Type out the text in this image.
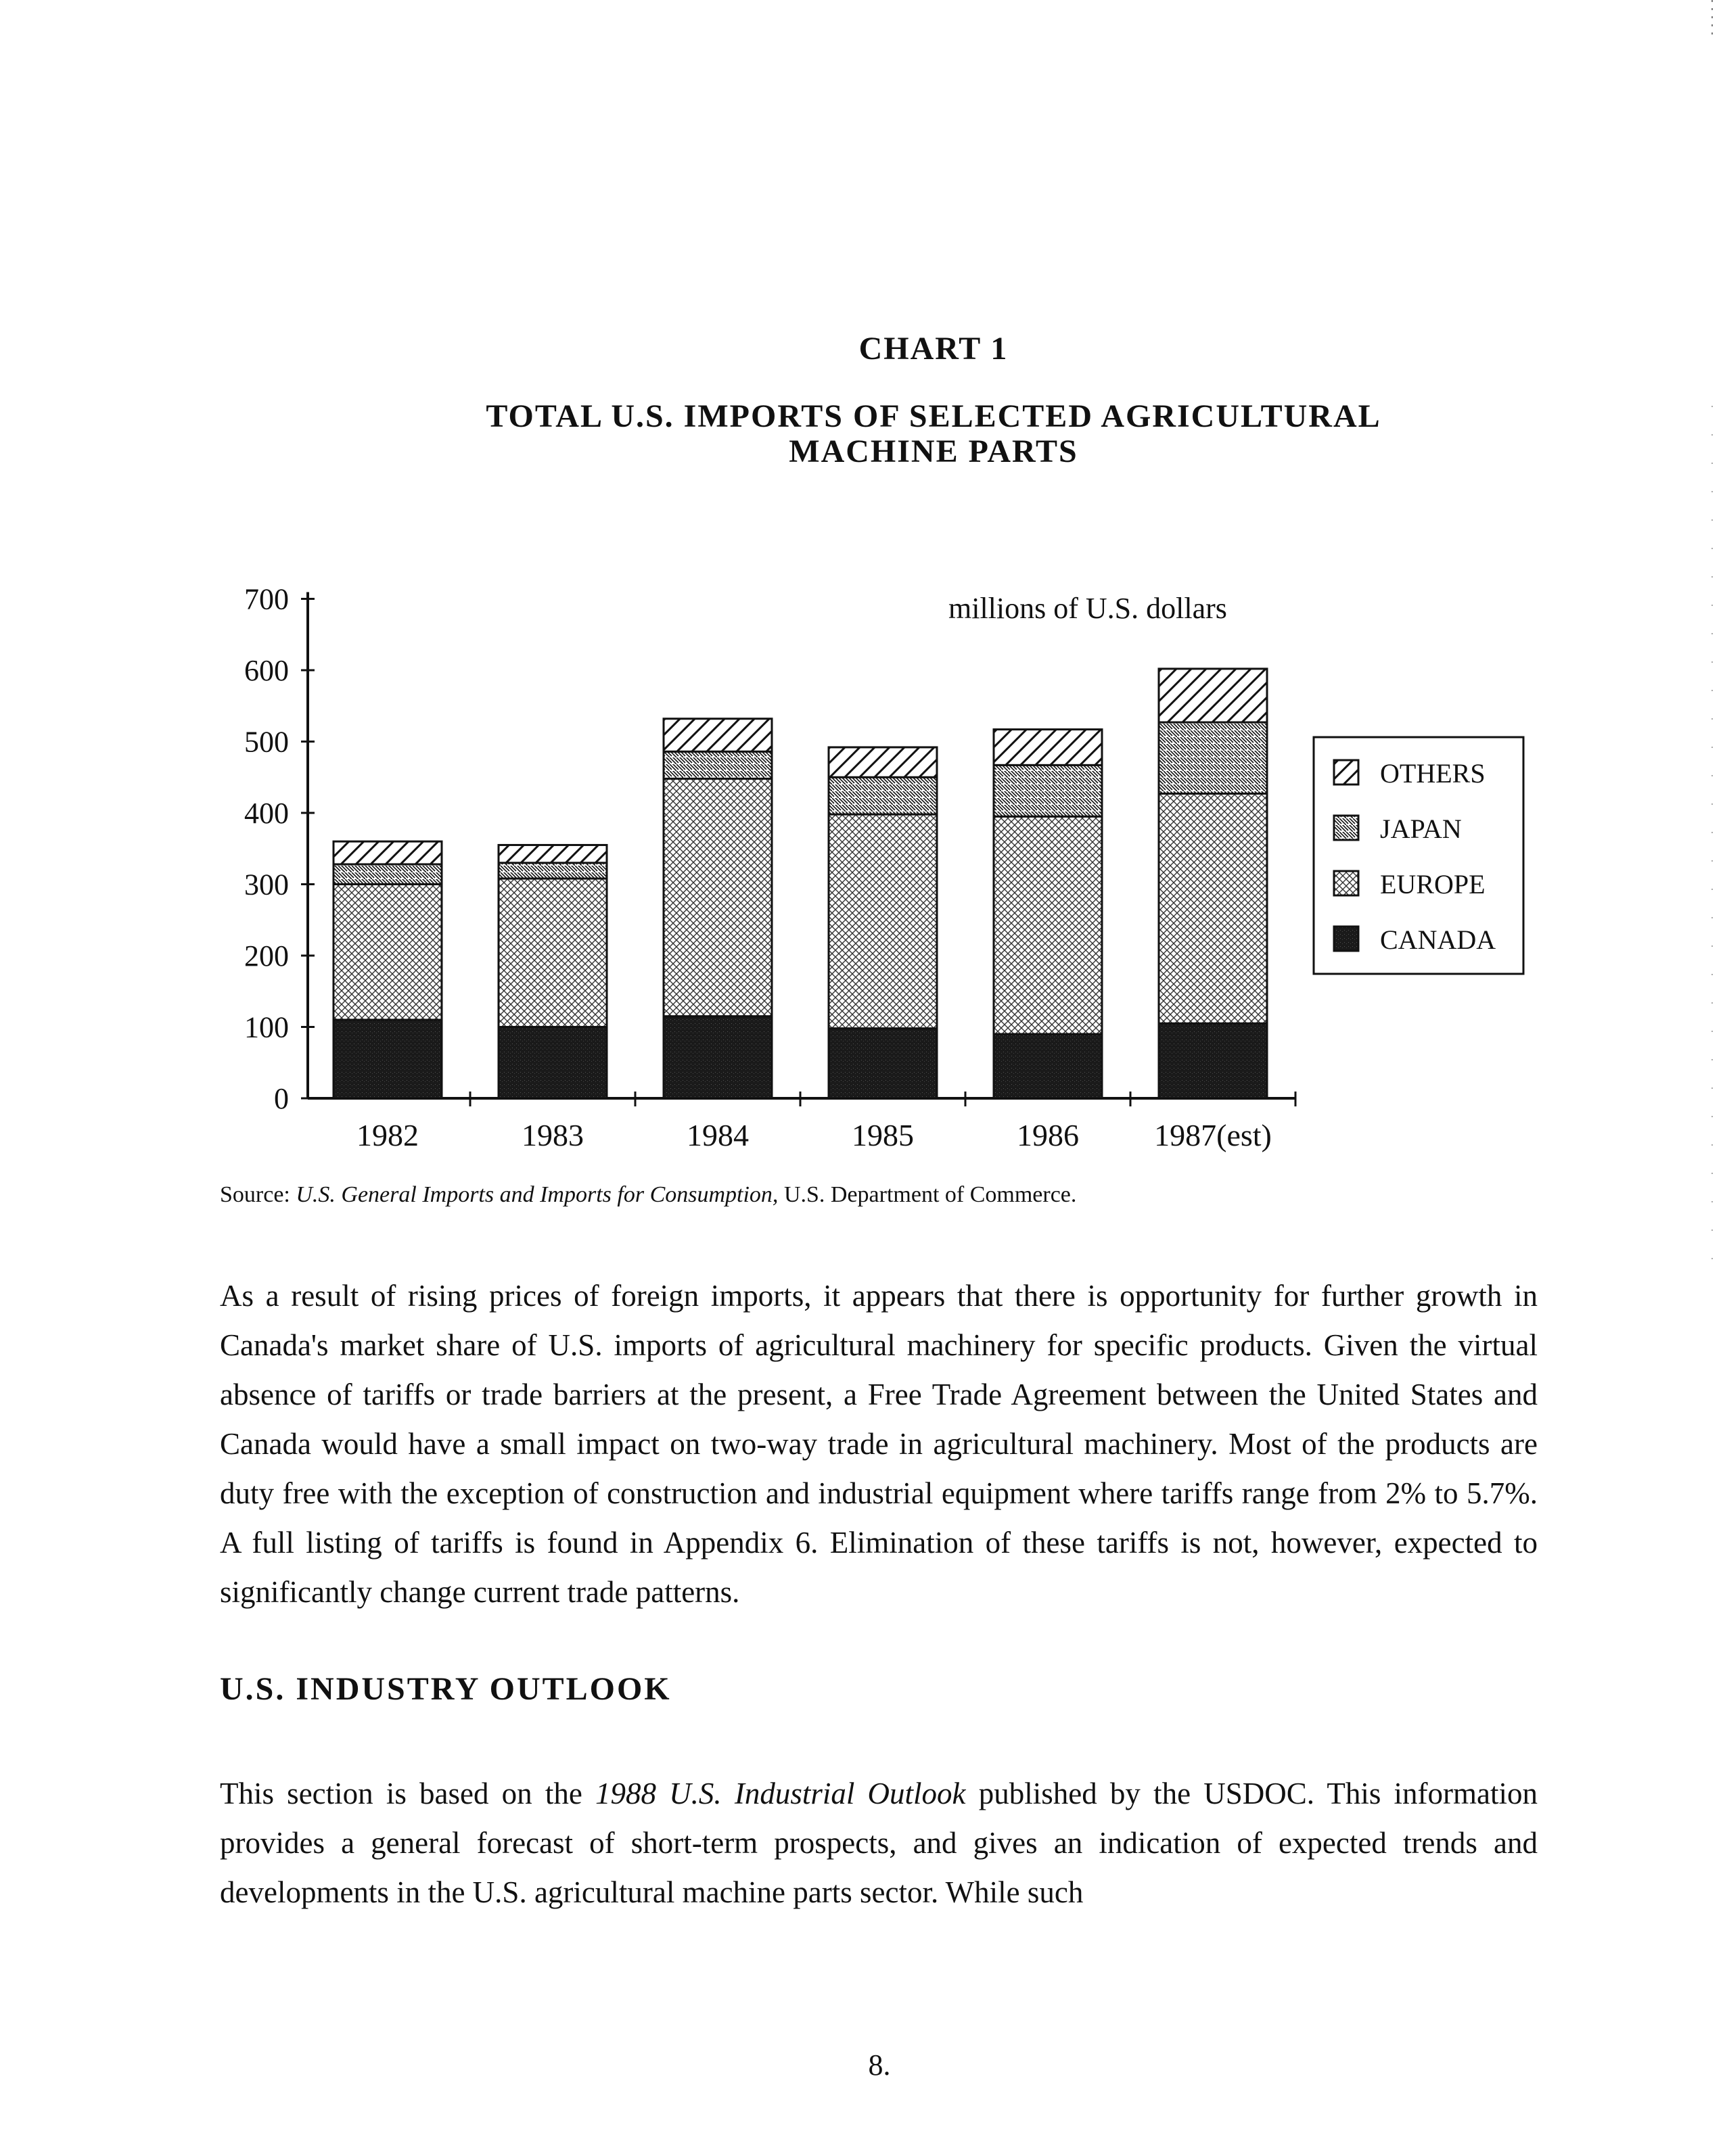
CHART 1
TOTAL U.S. IMPORTS OF SELECTED AGRICULTURAL
MACHINE PARTS
0
100
200
300
400
500
600
700
1982	1983	1984	1985	1986 1987(est)
OTHERS
JAPAN
EUROPE
CANADA
millions of U.S. dollars
Source: U.S. General Imports and Imports for Consumption, U.S. Department of Commerce.
As a result of rising prices of foreign imports, it appears that there is opportunity for further growth in Canada's market share of U.S. imports of agricultural machinery for specific products. Given the virtual absence of tariffs or trade barriers at the present, a Free Trade Agreement between the United States and Canada would have a small impact on two-way trade in agricultural machinery. Most of the products are duty free with the exception of construction and industrial equipment where tariffs range from 2% to 5.7%. A full listing of tariffs is found in Appendix 6. Elimination of these tariffs is not, however, expected to significantly change current trade patterns.
U.S. INDUSTRY OUTLOOK
This section is based on the 1988 U.S. Industrial Outlook published by the USDOC. This information provides a general forecast of short-term prospects, and gives an indication of expected trends and developments in the U.S. agricultural machine parts sector. While such
8.
